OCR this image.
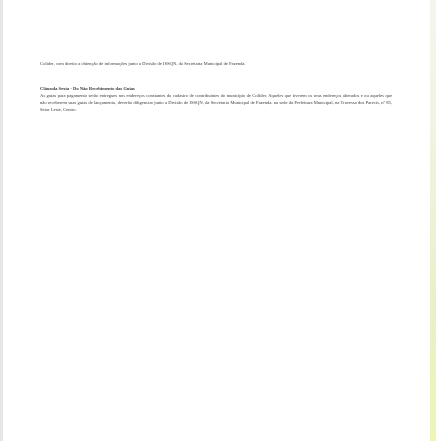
Colider, com direito a obtenção de informações junto a Divisão de ISSQN, da Secretaria Municipal de Fazenda.
Cláusula Sexta - Do Não Recebimento das Guias
As guias para pagamento serão entregues nos endereços constantes do cadastro de contribuintes do município de Colíder. Aqueles que tiverem os seus endereços alterados e ou aqueles que não receberem suas guias de lançamento, deverão diligenciar junto a Divisão de ISSQN, da Secretaria Municipal de Fazenda, na sede da Prefeitura Municipal, na Travessa dos Parecis, nº 85, Setor Leste, Centro.
